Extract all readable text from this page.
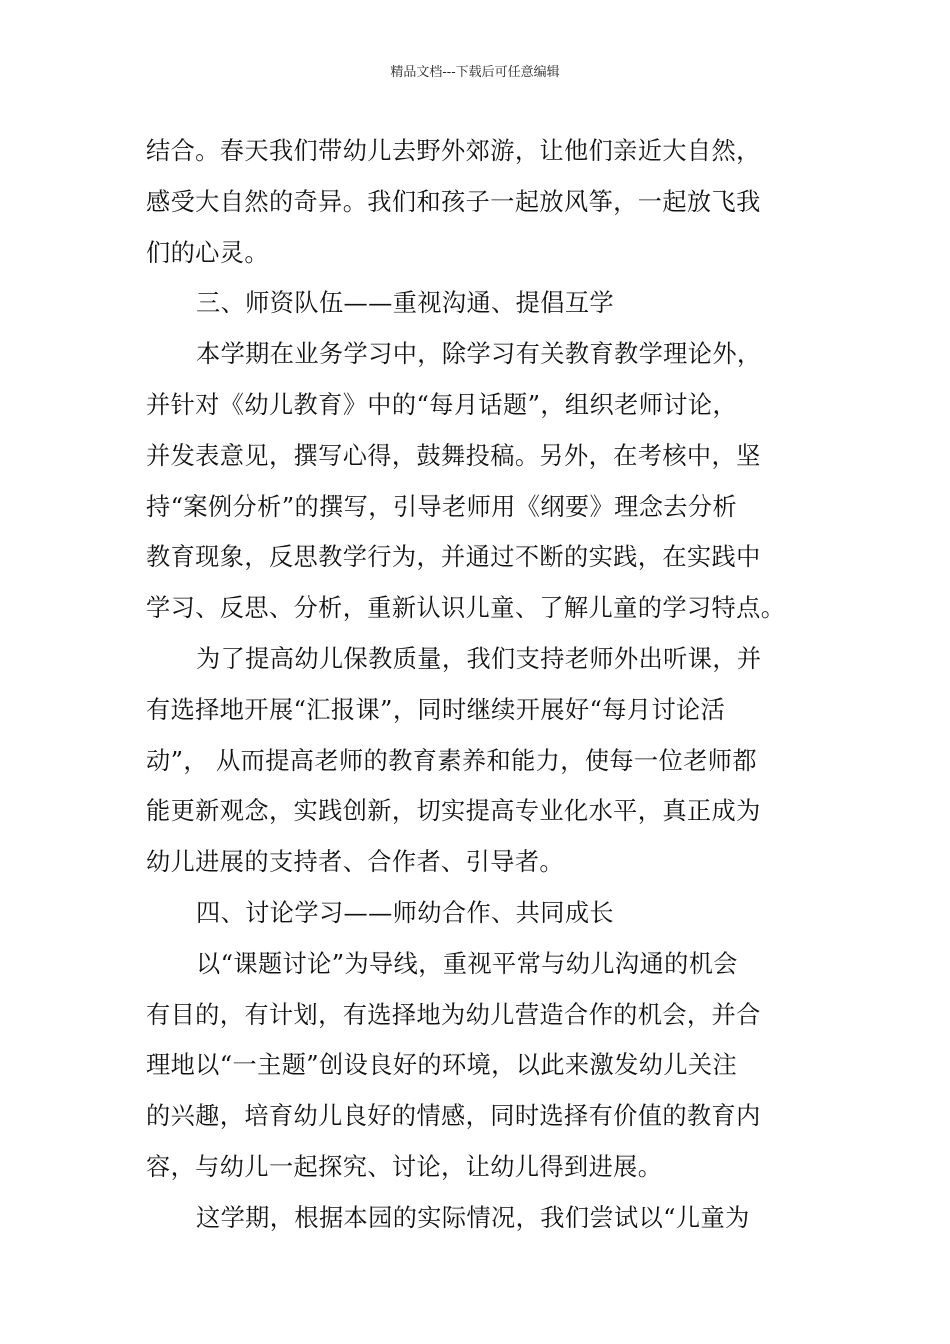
精品文档---下载后可任意编辑
结合。春天我们带幼儿去野外郊游，让他们亲近大自然，
感受大自然的奇异。我们和孩子一起放风筝，一起放飞我
们的心灵。
三、师资队伍——重视沟通、提倡互学
本学期在业务学习中，除学习有关教育教学理论外，
并针对《幼儿教育》中的“每月话题”，组织老师讨论，
并发表意见，撰写心得，鼓舞投稿。另外，在考核中，坚
持“案例分析”的撰写，引导老师用《纲要》理念去分析
教育现象，反思教学行为，并通过不断的实践，在实践中
学习、反思、分析，重新认识儿童、了解儿童的学习特点。
为了提高幼儿保教质量，我们支持老师外出听课，并
有选择地开展“汇报课”，同时继续开展好“每月讨论活
动”， 从而提高老师的教育素养和能力，使每一位老师都
能更新观念，实践创新，切实提高专业化水平，真正成为
幼儿进展的支持者、合作者、引导者。
四、讨论学习——师幼合作、共同成长
以“课题讨论”为导线，重视平常与幼儿沟通的机会
有目的，有计划，有选择地为幼儿营造合作的机会，并合
理地以“一主题”创设良好的环境，以此来激发幼儿关注
的兴趣，培育幼儿良好的情感，同时选择有价值的教育内
容，与幼儿一起探究、讨论，让幼儿得到进展。
这学期，根据本园的实际情况，我们尝试以“儿童为
